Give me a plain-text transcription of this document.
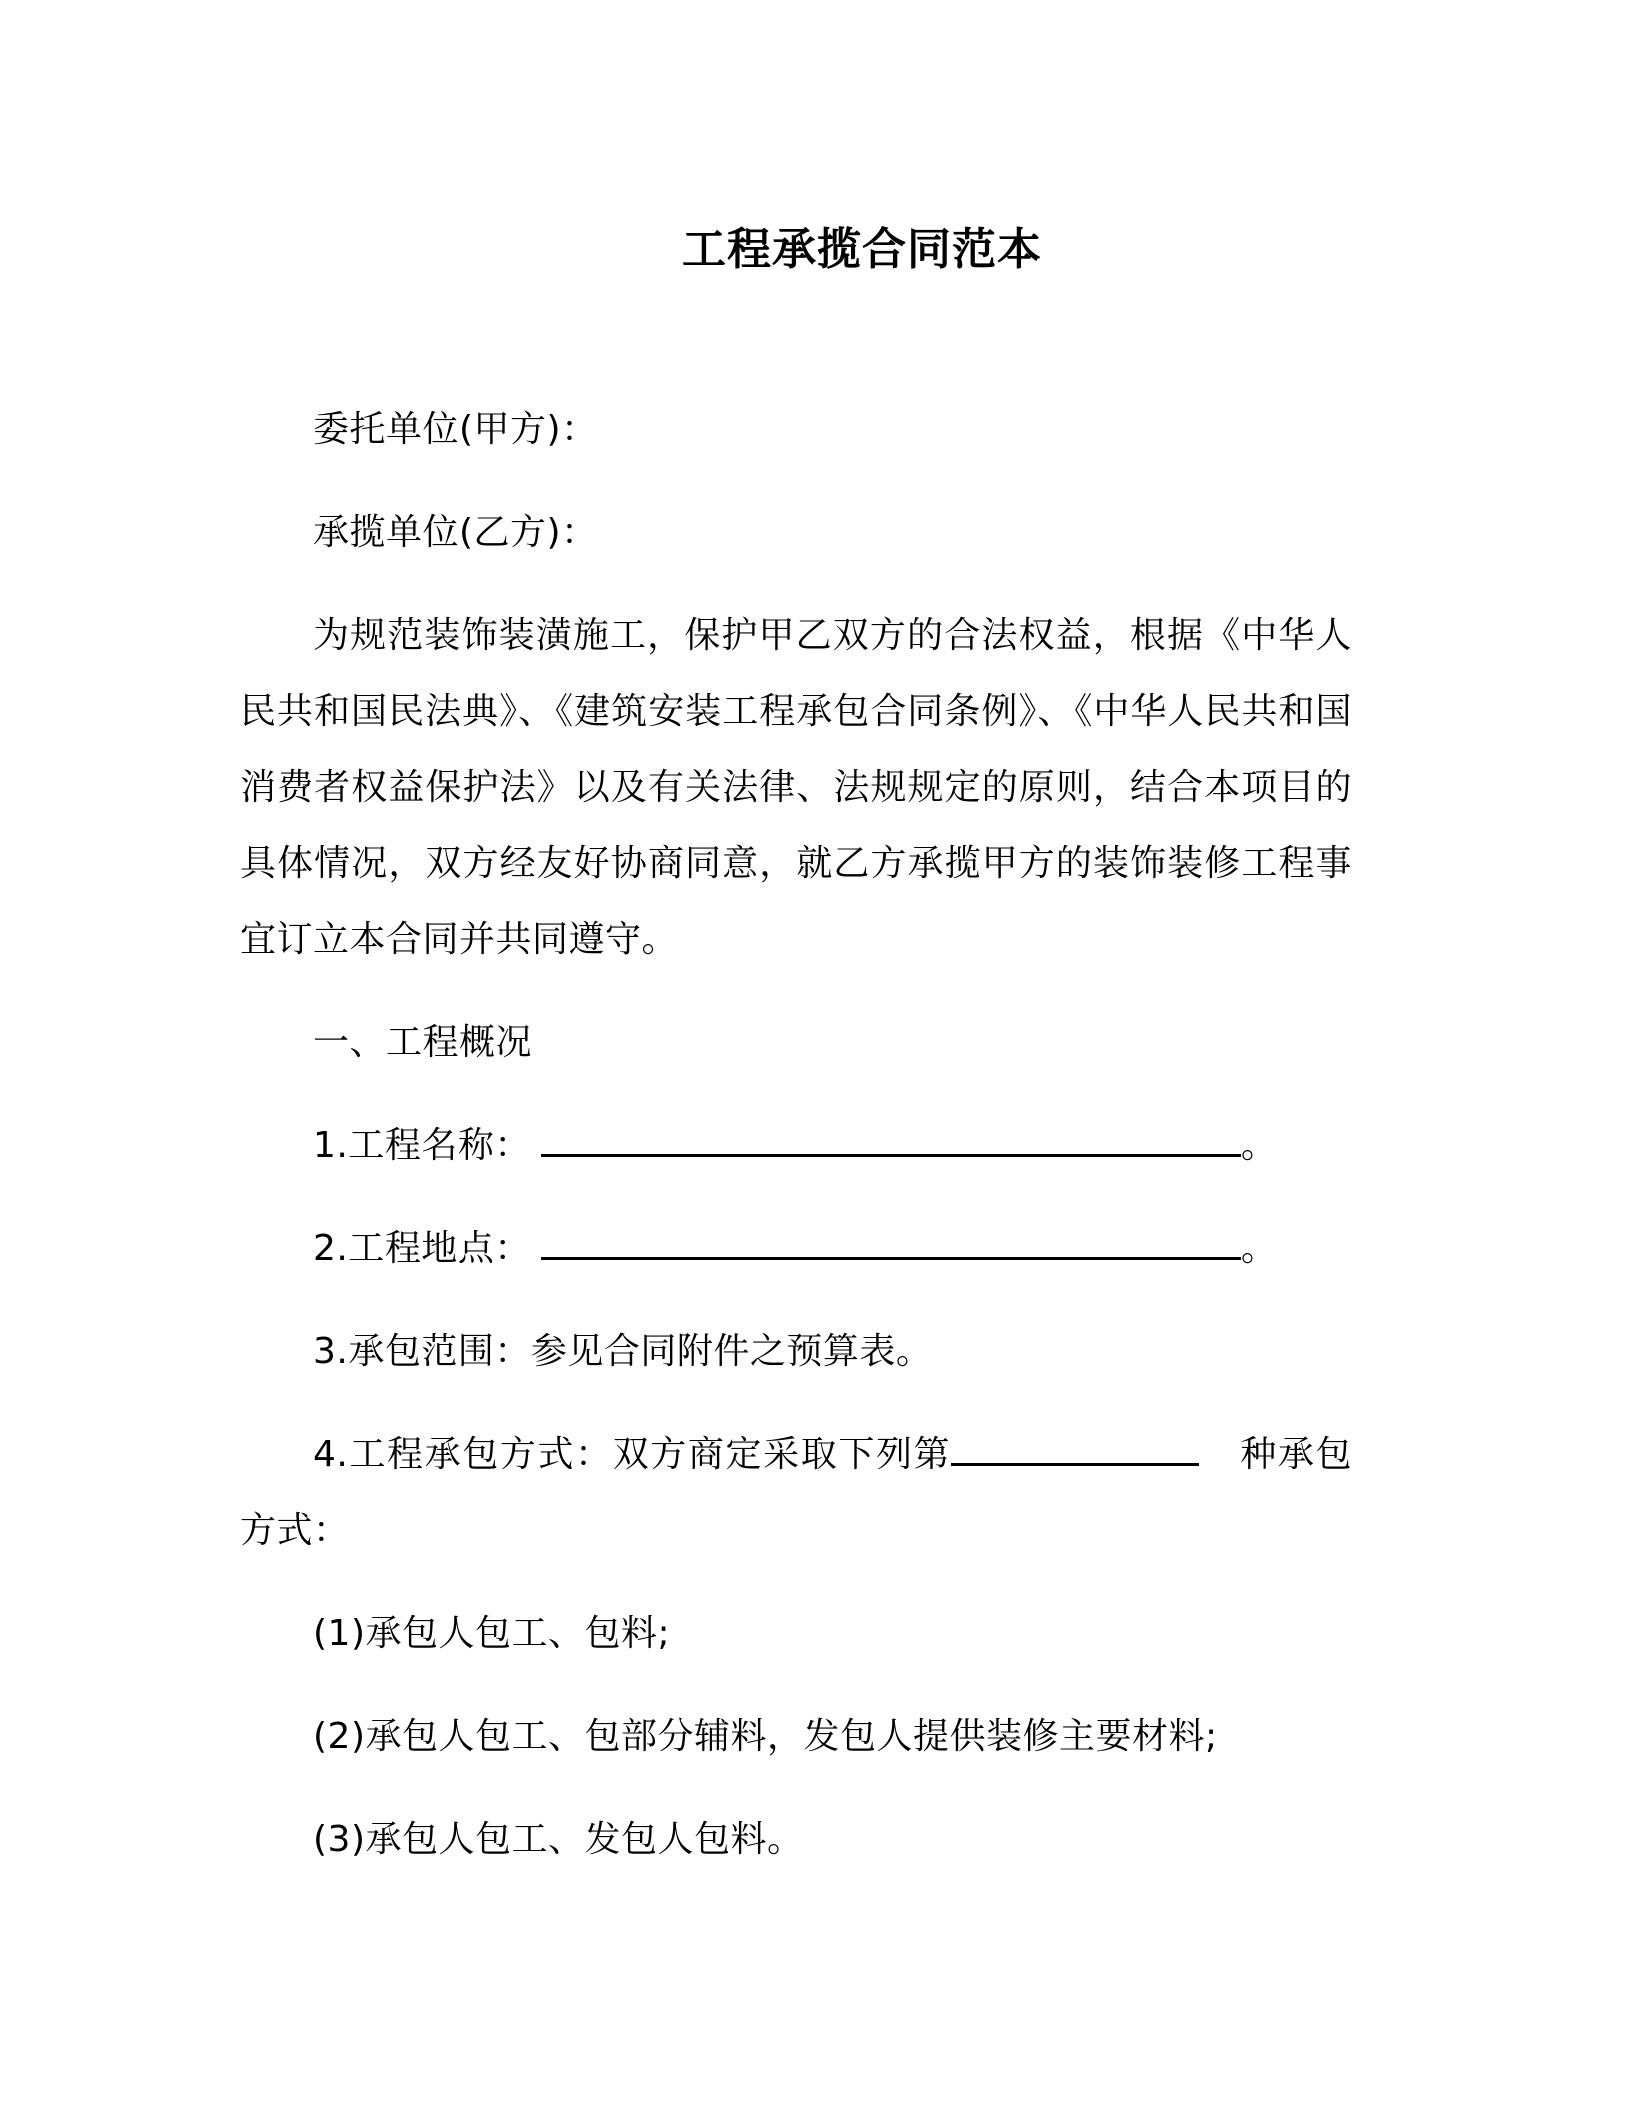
工程承揽合同范本

委托单位(甲方)：

承揽单位(乙方)：

为规范装饰装潢施工，保护甲乙双方的合法权益，根据《中华人民共和国民法典》、《建筑安装工程承包合同条例》、《中华人民共和国消费者权益保护法》以及有关法律、法规规定的原则，结合本项目的具体情况，双方经友好协商同意，就乙方承揽甲方的装饰装修工程事宜订立本合同并共同遵守。

一、工程概况

1.工程名称：	。

2.工程地点：	。

3.承包范围：参见合同附件之预算表。

4.工程承包方式：双方商定采取下列第	种承包方式：

(1)承包人包工、包料;

(2)承包人包工、包部分辅料，发包人提供装修主要材料;

(3)承包人包工、发包人包料。
